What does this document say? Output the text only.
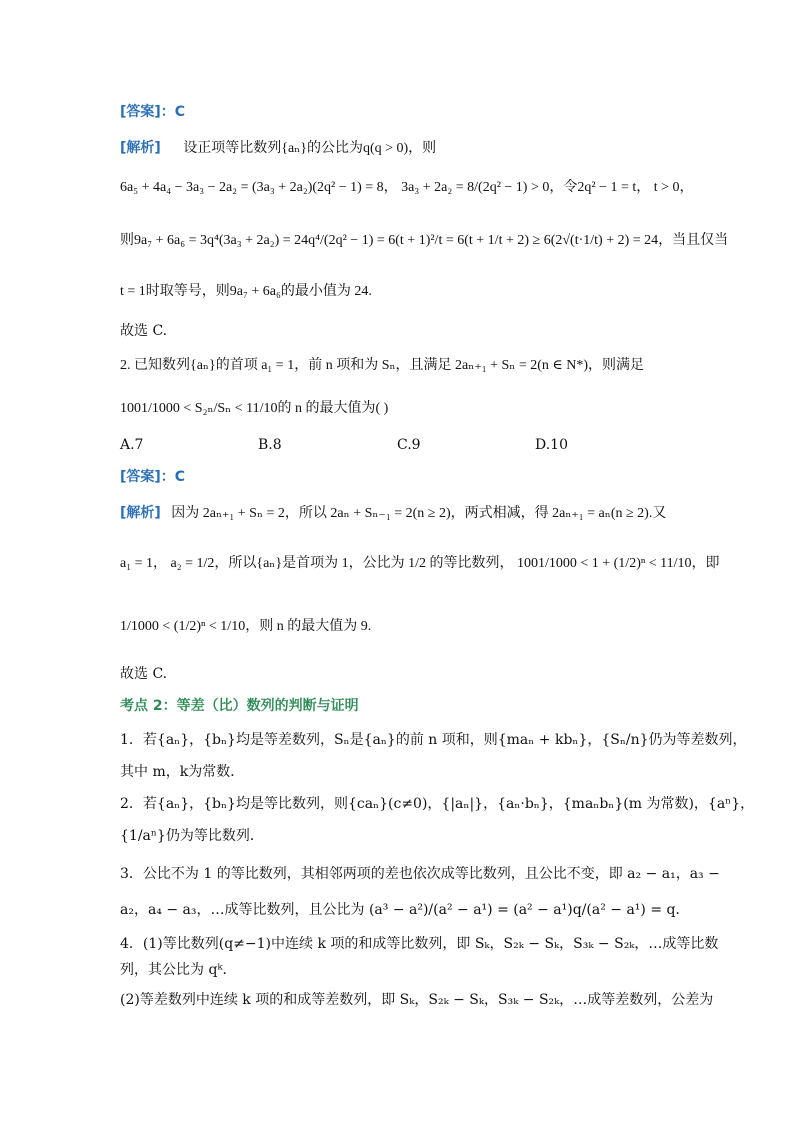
[答案]：C
[解析] 设正项等比数列{aₙ}的公比为q(q > 0)，则
6a₅ + 4a₄ − 3a₃ − 2a₂ = (3a₃ + 2a₂)(2q² − 1) = 8， 3a₃ + 2a₂ = 8/(2q² − 1) > 0，令2q² − 1 = t， t > 0，
则9a₇ + 6a₆ = 3q⁴(3a₃ + 2a₂) = 24q⁴/(2q² − 1) = 6(t + 1)²/t = 6(t + 1/t + 2) ≥ 6(2√(t·1/t) + 2) = 24，当且仅当
t = 1时取等号，则9a₇ + 6a₆的最小值为 24.
故选 C.
2. 已知数列{aₙ}的首项 a₁ = 1，前 n 项和为 Sₙ，且满足 2aₙ₊₁ + Sₙ = 2(n ∈ N*)，则满足
1001/1000 < S₂ₙ/Sₙ < 11/10的 n 的最大值为( )
A.7	B.8	C.9	D.10
[答案]：C
[解析] 因为 2aₙ₊₁ + Sₙ = 2，所以 2aₙ + Sₙ₋₁ = 2(n ≥ 2)，两式相减，得 2aₙ₊₁ = aₙ(n ≥ 2).又
a₁ = 1， a₂ = 1/2，所以{aₙ}是首项为 1，公比为 1/2 的等比数列， 1001/1000 < 1 + (1/2)ⁿ < 11/10，即
1/1000 < (1/2)ⁿ < 1/10，则 n 的最大值为 9.
故选 C.
考点 2：等差（比）数列的判断与证明
1．若{aₙ}，{bₙ}均是等差数列，Sₙ是{aₙ}的前 n 项和，则{maₙ + kbₙ}，{Sₙ/n}仍为等差数列，
其中 m，k为常数．
2．若{aₙ}，{bₙ}均是等比数列，则{caₙ}(c≠0)，{|aₙ|}，{aₙ·bₙ}，{maₙbₙ}(m 为常数)，{aⁿ}，
{1/aⁿ}仍为等比数列．
3．公比不为 1 的等比数列，其相邻两项的差也依次成等比数列，且公比不变，即 a₂ − a₁，a₃ −
a₂，a₄ − a₃，…成等比数列，且公比为 (a³ − a²)/(a² − a¹) = (a² − a¹)q/(a² − a¹) = q．
4．(1)等比数列(q≠−1)中连续 k 项的和成等比数列，即 Sₖ，S₂ₖ − Sₖ，S₃ₖ − S₂ₖ，…成等比数
列，其公比为 qᵏ．
(2)等差数列中连续 k 项的和成等差数列，即 Sₖ，S₂ₖ − Sₖ，S₃ₖ − S₂ₖ，…成等差数列，公差为
